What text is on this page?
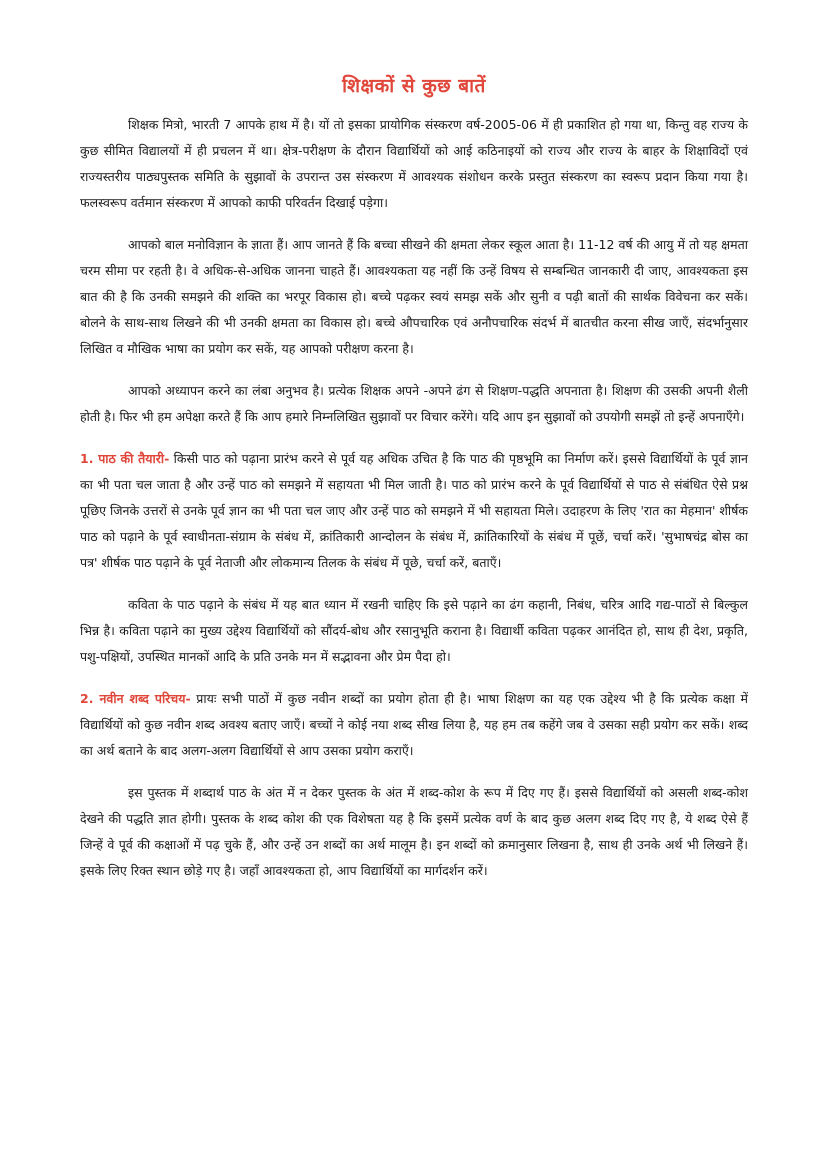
शिक्षकों से कुछ बातें

शिक्षक मित्रो, भारती 7 आपके हाथ में है। यों तो इसका प्रायोगिक संस्करण वर्ष-2005-06 में ही प्रकाशित हो गया था, किन्तु वह राज्य के कुछ सीमित विद्यालयों में ही प्रचलन में था। क्षेत्र-परीक्षण के दौरान विद्यार्थियों को आई कठिनाइयों को राज्य और राज्य के बाहर के शिक्षाविदों एवं राज्यस्तरीय पाठ्यपुस्तक समिति के सुझावों के उपरान्त उस संस्करण में आवश्यक संशोधन करके प्रस्तुत संस्करण का स्वरूप प्रदान किया गया है। फलस्वरूप वर्तमान संस्करण में आपको काफी परिवर्तन दिखाई पड़ेगा।

आपको बाल मनोविज्ञान के ज्ञाता हैं। आप जानते हैं कि बच्चा सीखने की क्षमता लेकर स्कूल आता है। 11-12 वर्ष की आयु में तो यह क्षमता चरम सीमा पर रहती है। वे अधिक-से-अधिक जानना चाहते हैं। आवश्यकता यह नहीं कि उन्हें विषय से सम्बन्धित जानकारी दी जाए, आवश्यकता इस बात की है कि उनकी समझने की शक्ति का भरपूर विकास हो। बच्चे पढ़कर स्वयं समझ सकें और सुनी व पढ़ी बातों की सार्थक विवेचना कर सकें। बोलने के साथ-साथ लिखने की भी उनकी क्षमता का विकास हो। बच्चे औपचारिक एवं अनौपचारिक संदर्भ में बातचीत करना सीख जाएँ, संदर्भानुसार लिखित व मौखिक भाषा का प्रयोग कर सकें, यह आपको परीक्षण करना है।

आपको अध्यापन करने का लंबा अनुभव है। प्रत्येक शिक्षक अपने -अपने ढंग से शिक्षण-पद्धति अपनाता है। शिक्षण की उसकी अपनी शैली होती है। फिर भी हम अपेक्षा करते हैं कि आप हमारे निम्नलिखित सुझावों पर विचार करेंगे। यदि आप इन सुझावों को उपयोगी समझें तो इन्हें अपनाएँगे।

1. पाठ की तैयारी- किसी पाठ को पढ़ाना प्रारंभ करने से पूर्व यह अधिक उचित है कि पाठ की पृष्ठभूमि का निर्माण करें। इससे विद्यार्थियों के पूर्व ज्ञान का भी पता चल जाता है और उन्हें पाठ को समझने में सहायता भी मिल जाती है। पाठ को प्रारंभ करने के पूर्व विद्यार्थियों से पाठ से संबंधित ऐसे प्रश्न पूछिए जिनके उत्तरों से उनके पूर्व ज्ञान का भी पता चल जाए और उन्हें पाठ को समझने में भी सहायता मिले। उदाहरण के लिए 'रात का मेहमान' शीर्षक पाठ को पढ़ाने के पूर्व स्वाधीनता-संग्राम के संबंध में, क्रांतिकारी आन्दोलन के संबंध में, क्रांतिकारियों के संबंध में पूछें, चर्चा करें। 'सुभाषचंद्र बोस का पत्र' शीर्षक पाठ पढ़ाने के पूर्व नेताजी और लोकमान्य तिलक के संबंध में पूछे, चर्चा करें, बताएँ।

कविता के पाठ पढ़ाने के संबंध में यह बात ध्यान में रखनी चाहिए कि इसे पढ़ाने का ढंग कहानी, निबंध, चरित्र आदि गद्य-पाठों से बिल्कुल भिन्न है। कविता पढ़ाने का मुख्य उद्देश्य विद्यार्थियों को सौंदर्य-बोध और रसानुभूति कराना है। विद्यार्थी कविता पढ़कर आनंदित हो, साथ ही देश, प्रकृति, पशु-पक्षियों, उपस्थित मानकों आदि के प्रति उनके मन में सद्भावना और प्रेम पैदा हो।

2. नवीन शब्द परिचय- प्रायः सभी पाठों में कुछ नवीन शब्दों का प्रयोग होता ही है। भाषा शिक्षण का यह एक उद्देश्य भी है कि प्रत्येक कक्षा में विद्यार्थियों को कुछ नवीन शब्द अवश्य बताए जाएँ। बच्चों ने कोई नया शब्द सीख लिया है, यह हम तब कहेंगे जब वे उसका सही प्रयोग कर सकें। शब्द का अर्थ बताने के बाद अलग-अलग विद्यार्थियों से आप उसका प्रयोग कराएँ।

इस पुस्तक में शब्दार्थ पाठ के अंत में न देकर पुस्तक के अंत में शब्द-कोश के रूप में दिए गए हैं। इससे विद्यार्थियों को असली शब्द-कोश देखने की पद्धति ज्ञात होगी। पुस्तक के शब्द कोश की एक विशेषता यह है कि इसमें प्रत्येक वर्ण के बाद कुछ अलग शब्द दिए गए है, ये शब्द ऐसे हैं जिन्हें वे पूर्व की कक्षाओं में पढ़ चुके हैं, और उन्हें उन शब्दों का अर्थ मालूम है। इन शब्दों को क्रमानुसार लिखना है, साथ ही उनके अर्थ भी लिखने हैं। इसके लिए रिक्त स्थान छोड़े गए है। जहाँ आवश्यकता हो, आप विद्यार्थियों का मार्गदर्शन करें।
